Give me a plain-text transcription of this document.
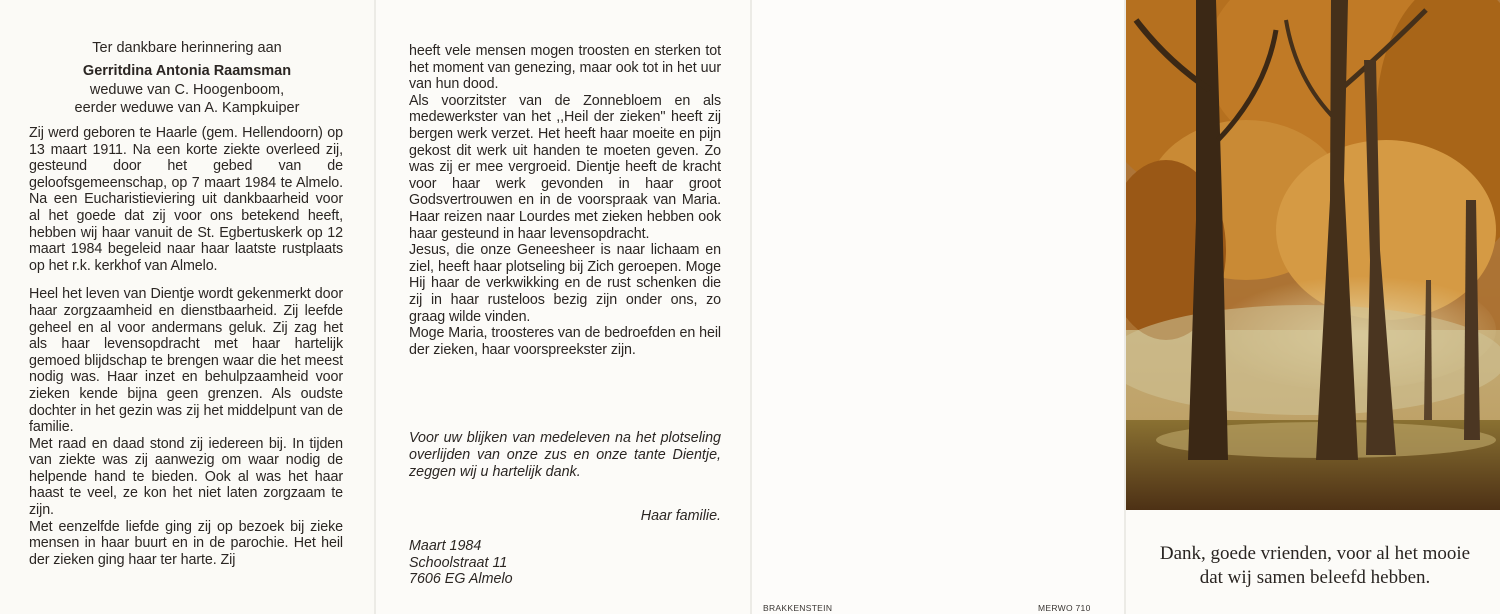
Ter dankbare herinnering aan
Gerritdina Antonia Raamsman
weduwe van C. Hoogenboom,
eerder weduwe van A. Kampkuiper

Zij werd geboren te Haarle (gem. Hellendoorn) op 13 maart 1911. Na een korte ziekte overleed zij, gesteund door het gebed van de geloofsgemeenschap, op 7 maart 1984 te Almelo. Na een Eucharistieviering uit dankbaarheid voor al het goede dat zij voor ons betekend heeft, hebben wij haar vanuit de St. Egbertuskerk op 12 maart 1984 begeleid naar haar laatste rustplaats op het r.k. kerkhof van Almelo.

Heel het leven van Dientje wordt gekenmerkt door haar zorgzaamheid en dienstbaarheid. Zij leefde geheel en al voor andermans geluk. Zij zag het als haar levensopdracht met haar hartelijk gemoed blijdschap te brengen waar die het meest nodig was. Haar inzet en behulpzaamheid voor zieken kende bijna geen grenzen. Als oudste dochter in het gezin was zij het middelpunt van de familie.

Met raad en daad stond zij iedereen bij. In tijden van ziekte was zij aanwezig om waar nodig de helpende hand te bieden. Ook al was het haar haast te veel, ze kon het niet laten zorgzaam te zijn.

Met eenzelfde liefde ging zij op bezoek bij zieke mensen in haar buurt en in de parochie. Het heil der zieken ging haar ter harte. Zij

heeft vele mensen mogen troosten en sterken tot het moment van genezing, maar ook tot in het uur van hun dood.

Als voorzitster van de Zonnebloem en als medewerkster van het ,,Heil der zieken'' heeft zij bergen werk verzet. Het heeft haar moeite en pijn gekost dit werk uit handen te moeten geven. Zo was zij er mee vergroeid. Dientje heeft de kracht voor haar werk gevonden in haar groot Godsvertrouwen en in de voorspraak van Maria. Haar reizen naar Lourdes met zieken hebben ook haar gesteund in haar levensopdracht.

Jesus, die onze Geneesheer is naar lichaam en ziel, heeft haar plotseling bij Zich geroepen. Moge Hij haar de verkwikking en de rust schenken die zij in haar rusteloos bezig zijn onder ons, zo graag wilde vinden.

Moge Maria, troosteres van de bedroefden en heil der zieken, haar voorspreekster zijn.

Voor uw blijken van medeleven na het plotseling overlijden van onze zus en onze tante Dientje, zeggen wij u hartelijk dank.
Haar familie.
Maart 1984
Schoolstraat 11
7606 EG Almelo
BRAKKENSTEIN	MERWO 710
Dank, goede vrienden, voor al het mooie
dat wij samen beleefd hebben.
